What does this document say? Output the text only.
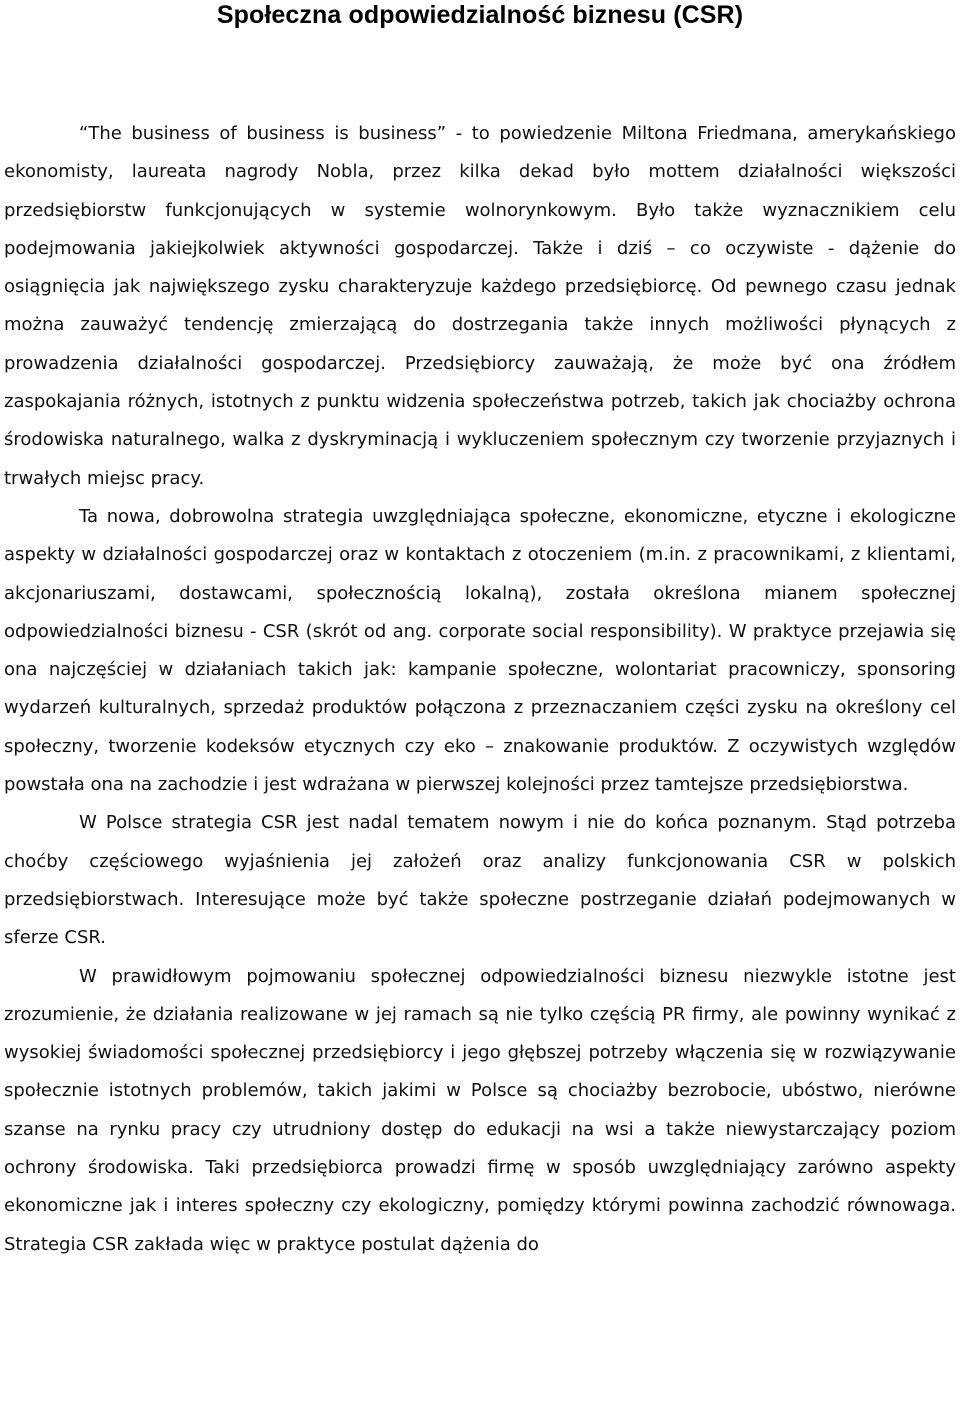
Społeczna odpowiedzialność biznesu (CSR)

“The business of business is business” - to powiedzenie Miltona Friedmana, amerykańskiego ekonomisty, laureata nagrody Nobla, przez kilka dekad było mottem działalności większości przedsiębiorstw funkcjonujących w systemie wolnorynkowym. Było także wyznacznikiem celu podejmowania jakiejkolwiek aktywności gospodarczej. Także i dziś – co oczywiste - dążenie do osiągnięcia jak największego zysku charakteryzuje każdego przedsiębiorcę. Od pewnego czasu jednak można zauważyć tendencję zmierzającą do dostrzegania także innych możliwości płynących z prowadzenia działalności gospodarczej. Przedsiębiorcy zauważają, że może być ona źródłem zaspokajania różnych, istotnych z punktu widzenia społeczeństwa potrzeb, takich jak chociażby ochrona środowiska naturalnego, walka z dyskryminacją i wykluczeniem społecznym czy tworzenie przyjaznych i trwałych miejsc pracy.

Ta nowa, dobrowolna strategia uwzględniająca społeczne, ekonomiczne, etyczne i ekologiczne aspekty w działalności gospodarczej oraz w kontaktach z otoczeniem (m.in. z pracownikami, z klientami, akcjonariuszami, dostawcami, społecznością lokalną), została określona mianem społecznej odpowiedzialności biznesu - CSR (skrót od ang. corporate social responsibility). W praktyce przejawia się ona najczęściej w działaniach takich jak: kampanie społeczne, wolontariat pracowniczy, sponsoring wydarzeń kulturalnych, sprzedaż produktów połączona z przeznaczaniem części zysku na określony cel społeczny, tworzenie kodeksów etycznych czy eko – znakowanie produktów. Z oczywistych względów powstała ona na zachodzie i jest wdrażana w pierwszej kolejności przez tamtejsze przedsiębiorstwa.

W Polsce strategia CSR jest nadal tematem nowym i nie do końca poznanym. Stąd potrzeba choćby częściowego wyjaśnienia jej założeń oraz analizy funkcjonowania CSR w polskich przedsiębiorstwach. Interesujące może być także społeczne postrzeganie działań podejmowanych w sferze CSR.

W prawidłowym pojmowaniu społecznej odpowiedzialności biznesu niezwykle istotne jest zrozumienie, że działania realizowane w jej ramach są nie tylko częścią PR firmy, ale powinny wynikać z wysokiej świadomości społecznej przedsiębiorcy i jego głębszej potrzeby włączenia się w rozwiązywanie społecznie istotnych problemów, takich jakimi w Polsce są chociażby bezrobocie, ubóstwo, nierówne szanse na rynku pracy czy utrudniony dostęp do edukacji na wsi a także niewystarczający poziom ochrony środowiska. Taki przedsiębiorca prowadzi firmę w sposób uwzględniający zarówno aspekty ekonomiczne jak i interes społeczny czy ekologiczny, pomiędzy którymi powinna zachodzić równowaga. Strategia CSR zakłada więc w praktyce postulat dążenia do
